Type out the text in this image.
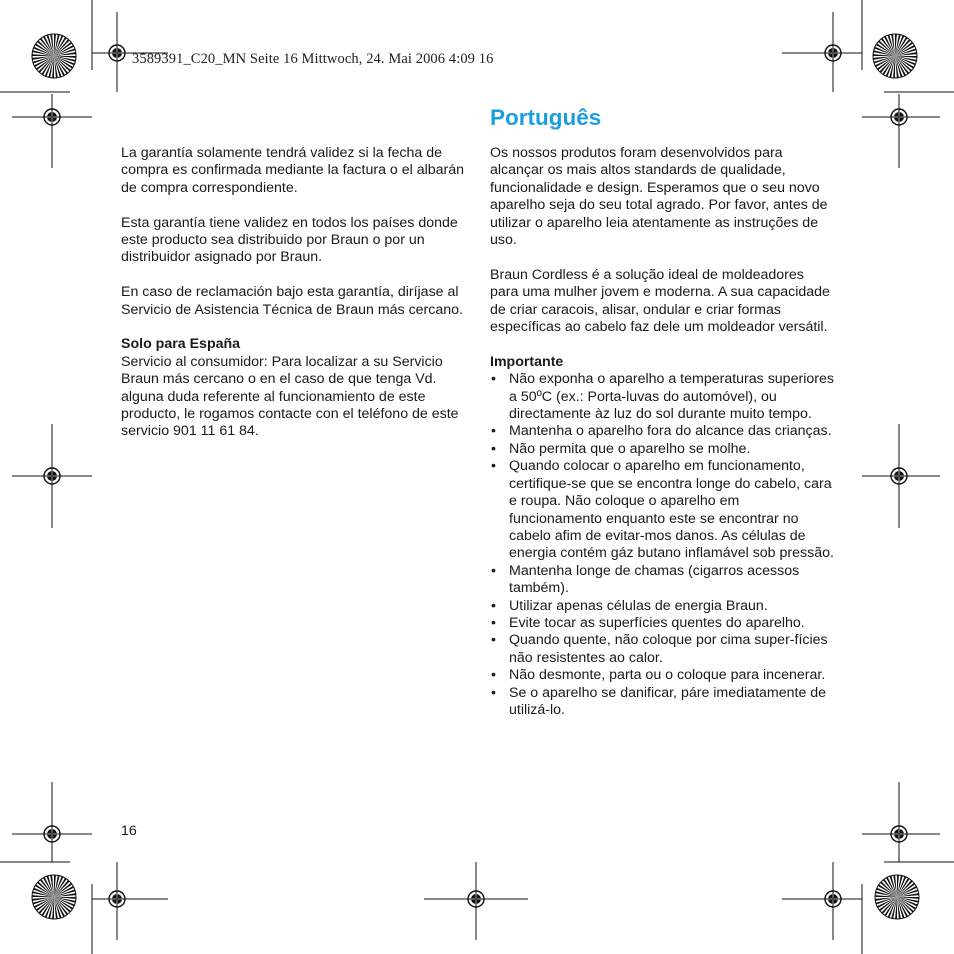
3589391_C20_MN Seite 16 Mittwoch, 24. Mai 2006 4:09 16
Português

La garantía solamente tendrá validez si la fecha de compra es confirmada mediante la factura o el albarán de compra correspondiente.

Esta garantía tiene validez en todos los países donde este producto sea distribuido por Braun o por un distribuidor asignado por Braun.

En caso de reclamación bajo esta garantía, diríjase al Servicio de Asistencia Técnica de Braun más cercano.

Solo para España
Servicio al consumidor: Para localizar a su Servicio Braun más cercano o en el caso de que tenga Vd. alguna duda referente al funcionamiento de este producto, le rogamos contacte con el teléfono de este servicio 901 11 61 84.

Os nossos produtos foram desenvolvidos para alcançar os mais altos standards de qualidade, funcionalidade e design. Esperamos que o seu novo aparelho seja do seu total agrado. Por favor, antes de utilizar o aparelho leia atentamente as instruções de uso.

Braun Cordless é a solução ideal de moldeadores para uma mulher jovem e moderna. A sua capacidade de criar caracois, alisar, ondular e criar formas específicas ao cabelo faz dele um moldeador versátil.

Importante
• Não exponha o aparelho a temperaturas superiores a 50ºC (ex.: Porta-luvas do automóvel), ou directamente àz luz do sol durante muito tempo.
• Mantenha o aparelho fora do alcance das crianças.
• Não permita que o aparelho se molhe.
• Quando colocar o aparelho em funcionamento, certifique-se que se encontra longe do cabelo, cara e roupa. Não coloque o aparelho em funcionamento enquanto este se encontrar no cabelo afim de evitar-mos danos. As células de energia contém gáz butano inflamável sob pressão.
• Mantenha longe de chamas (cigarros acessos também).
• Utilizar apenas células de energia Braun.
• Evite tocar as superfícies quentes do aparelho.
• Quando quente, não coloque por cima super-fícies não resistentes ao calor.
• Não desmonte, parta ou o coloque para incenerar.
• Se o aparelho se danificar, páre imediatamente de utilizá-lo.
16
